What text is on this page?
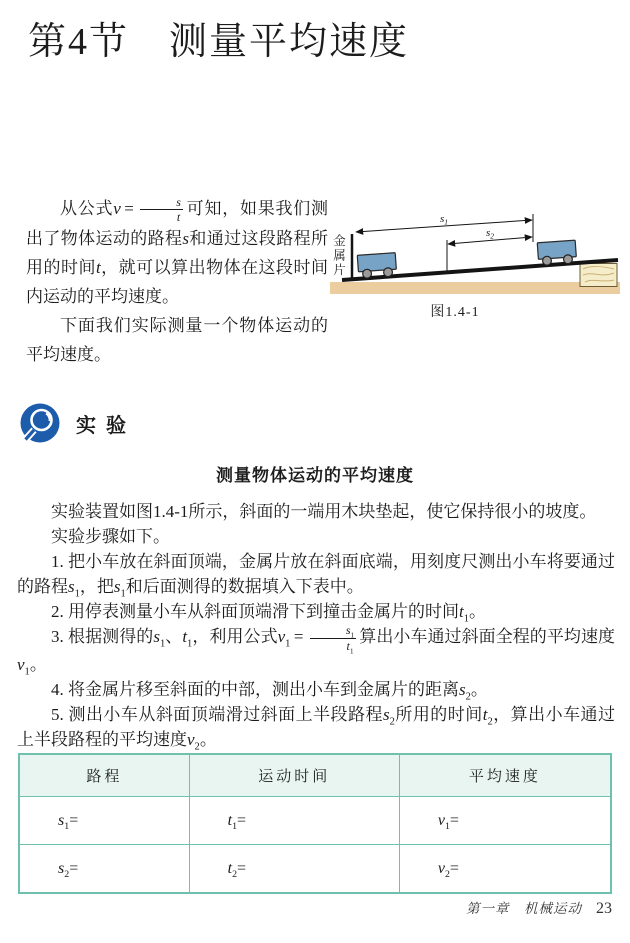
第4节　测量平均速度

从公式$v = \frac{s}{t}$ 可知，如果我们测出了物体运动的路程s和通过这段路程所用的时间t，就可以算出物体在这段时间内运动的平均速度。

下面我们实际测量一个物体运动的平均速度。

$s_1$
$s_2$
金属片
图1.4-1
实验
测量物体运动的平均速度

实验装置如图1.4-1所示，斜面的一端用木块垫起，使它保持很小的坡度。

实验步骤如下。

1. 把小车放在斜面顶端，金属片放在斜面底端，用刻度尺测出小车将要通过的路程$s_1$，把$s_1$和后面测得的数据填入下表中。

2. 用停表测量小车从斜面顶端滑下到撞击金属片的时间$t_1$。

3. 根据测得的$s_1$、$t_1$，利用公式$v_1 = \frac{s_1}{t_1}$ 算出小车通过斜面全程的平均速度$v_1$。

4. 将金属片移至斜面的中部，测出小车到金属片的距离$s_2$。

5. 测出小车从斜面顶端滑过斜面上半段路程$s_2$所用的时间$t_2$，算出小车通过上半段路程的平均速度$v_2$。

路程	运动时间	平均速度
$s_1=$	$t_1=$	$v_1=$
$s_2=$	$t_2=$	$v_2=$
第一章　机械运动 23
